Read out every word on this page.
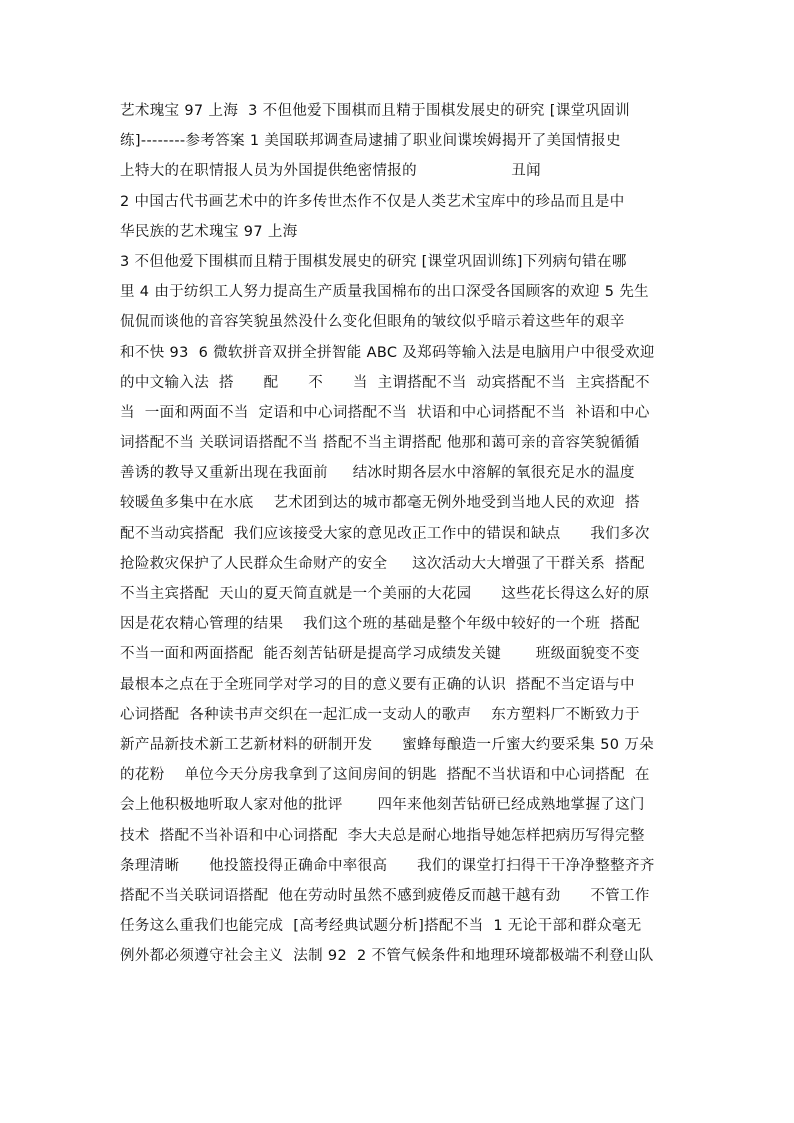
艺术瑰宝 97 上海  3 不但他爱下围棋而且精于围棋发展史的研究 [课堂巩固训
练]--------参考答案 1 美国联邦调查局逮捕了职业间谍埃姆揭开了美国情报史
上特大的在职情报人员为外国提供绝密情报的                   丑闻
2 中国古代书画艺术中的许多传世杰作不仅是人类艺术宝库中的珍品而且是中
华民族的艺术瑰宝 97 上海
3 不但他爱下围棋而且精于围棋发展史的研究 [课堂巩固训练]下列病句错在哪
里 4 由于纺织工人努力提高生产质量我国棉布的出口深受各国顾客的欢迎 5 先生
侃侃而谈他的音容笑貌虽然没什么变化但眼角的皱纹似乎暗示着这些年的艰辛
和不快 93  6 微软拼音双拼全拼智能 ABC 及郑码等输入法是电脑用户中很受欢迎
的中文输入法  搭      配      不      当  主谓搭配不当  动宾搭配不当  主宾搭配不
当  一面和两面不当  定语和中心词搭配不当  状语和中心词搭配不当  补语和中心
词搭配不当 关联词语搭配不当 搭配不当主谓搭配 他那和蔼可亲的音容笑貌循循
善诱的教导又重新出现在我面前     结冰时期各层水中溶解的氧很充足水的温度
较暖鱼多集中在水底    艺术团到达的城市都毫无例外地受到当地人民的欢迎  搭
配不当动宾搭配  我们应该接受大家的意见改正工作中的错误和缺点      我们多次
抢险救灾保护了人民群众生命财产的安全     这次活动大大增强了干群关系  搭配
不当主宾搭配  天山的夏天简直就是一个美丽的大花园      这些花长得这么好的原
因是花农精心管理的结果    我们这个班的基础是整个年级中较好的一个班  搭配
不当一面和两面搭配  能否刻苦钻研是提高学习成绩发关键       班级面貌变不变
最根本之点在于全班同学对学习的目的意义要有正确的认识  搭配不当定语与中
心词搭配  各种读书声交织在一起汇成一支动人的歌声    东方塑料厂不断致力于
新产品新技术新工艺新材料的研制开发      蜜蜂每酿造一斤蜜大约要采集 50 万朵
的花粉    单位今天分房我拿到了这间房间的钥匙  搭配不当状语和中心词搭配  在
会上他积极地听取人家对他的批评       四年来他刻苦钻研已经成熟地掌握了这门
技术  搭配不当补语和中心词搭配  李大夫总是耐心地指导她怎样把病历写得完整
条理清晰      他投篮投得正确命中率很高      我们的课堂打扫得干干净净整整齐齐
搭配不当关联词语搭配  他在劳动时虽然不感到疲倦反而越干越有劲      不管工作
任务这么重我们也能完成  [高考经典试题分析]搭配不当  1 无论干部和群众毫无
例外都必须遵守社会主义  法制 92  2 不管气候条件和地理环境都极端不利登山队
